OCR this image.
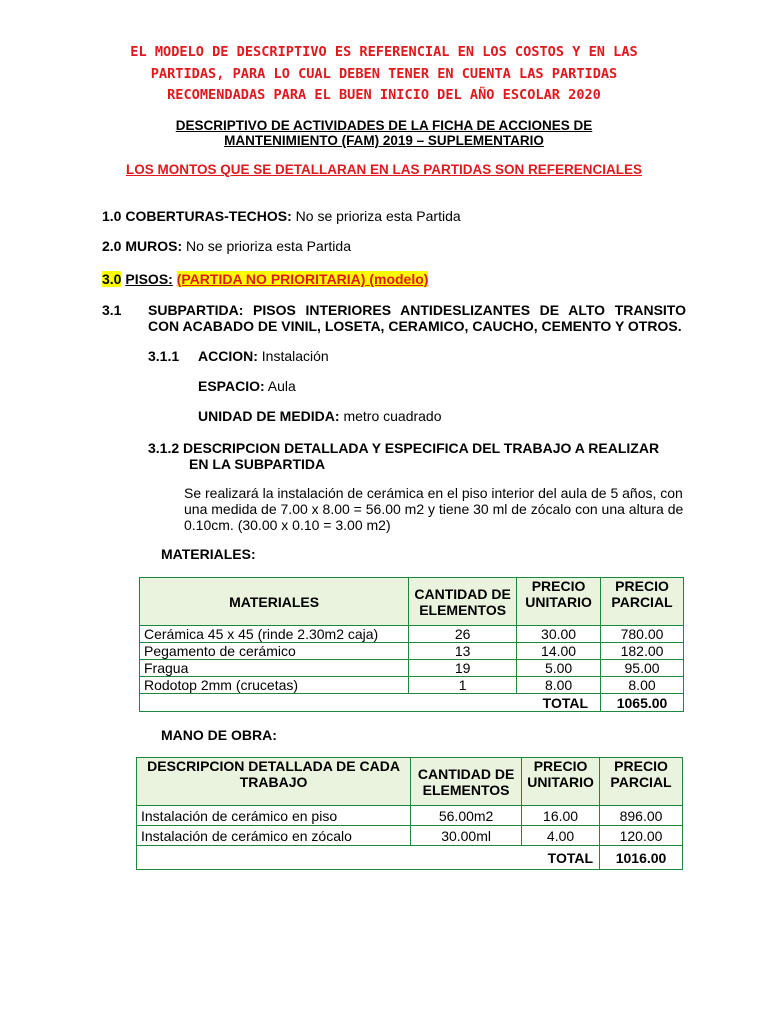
EL MODELO DE DESCRIPTIVO ES REFERENCIAL EN LOS COSTOS Y EN LAS
PARTIDAS, PARA LO CUAL DEBEN TENER EN CUENTA LAS PARTIDAS
RECOMENDADAS PARA EL BUEN INICIO DEL AÑO ESCOLAR 2020
DESCRIPTIVO DE ACTIVIDADES DE LA FICHA DE ACCIONES DE
MANTENIMIENTO (FAM) 2019 – SUPLEMENTARIO
LOS MONTOS QUE SE DETALLARAN EN LAS PARTIDAS SON REFERENCIALES
1.0 COBERTURAS-TECHOS: No se prioriza esta Partida
2.0 MUROS: No se prioriza esta Partida
3.0 PISOS: (PARTIDA NO PRIORITARIA) (modelo)
3.1 SUBPARTIDA: PISOS INTERIORES ANTIDESLIZANTES DE ALTO TRANSITO
CON ACABADO DE VINIL, LOSETA, CERAMICO, CAUCHO, CEMENTO Y OTROS.
3.1.1 ACCION: Instalación
ESPACIO: Aula
UNIDAD DE MEDIDA: metro cuadrado
3.1.2 DESCRIPCION DETALLADA Y ESPECIFICA DEL TRABAJO A REALIZAR
EN LA SUBPARTIDA
Se realizará la instalación de cerámica en el piso interior del aula de 5 años, con
una medida de 7.00 x 8.00 = 56.00 m2 y tiene 30 ml de zócalo con una altura de
0.10cm. (30.00 x 0.10 = 3.00 m2)
MATERIALES:
MATERIALES	CANTIDAD DE ELEMENTOS	PRECIO UNITARIO	PRECIO PARCIAL
Cerámica 45 x 45 (rinde 2.30m2 caja)	26	30.00	780.00
Pegamento de cerámico	13	14.00	182.00
Fragua	19	5.00	95.00
Rodotop 2mm (crucetas)	1	8.00	8.00
TOTAL			1065.00
MANO DE OBRA:
DESCRIPCION DETALLADA DE CADA TRABAJO	CANTIDAD DE ELEMENTOS	PRECIO UNITARIO	PRECIO PARCIAL
Instalación de cerámico en piso	56.00m2	16.00	896.00
Instalación de cerámico en zócalo	30.00ml	4.00	120.00
TOTAL			1016.00
